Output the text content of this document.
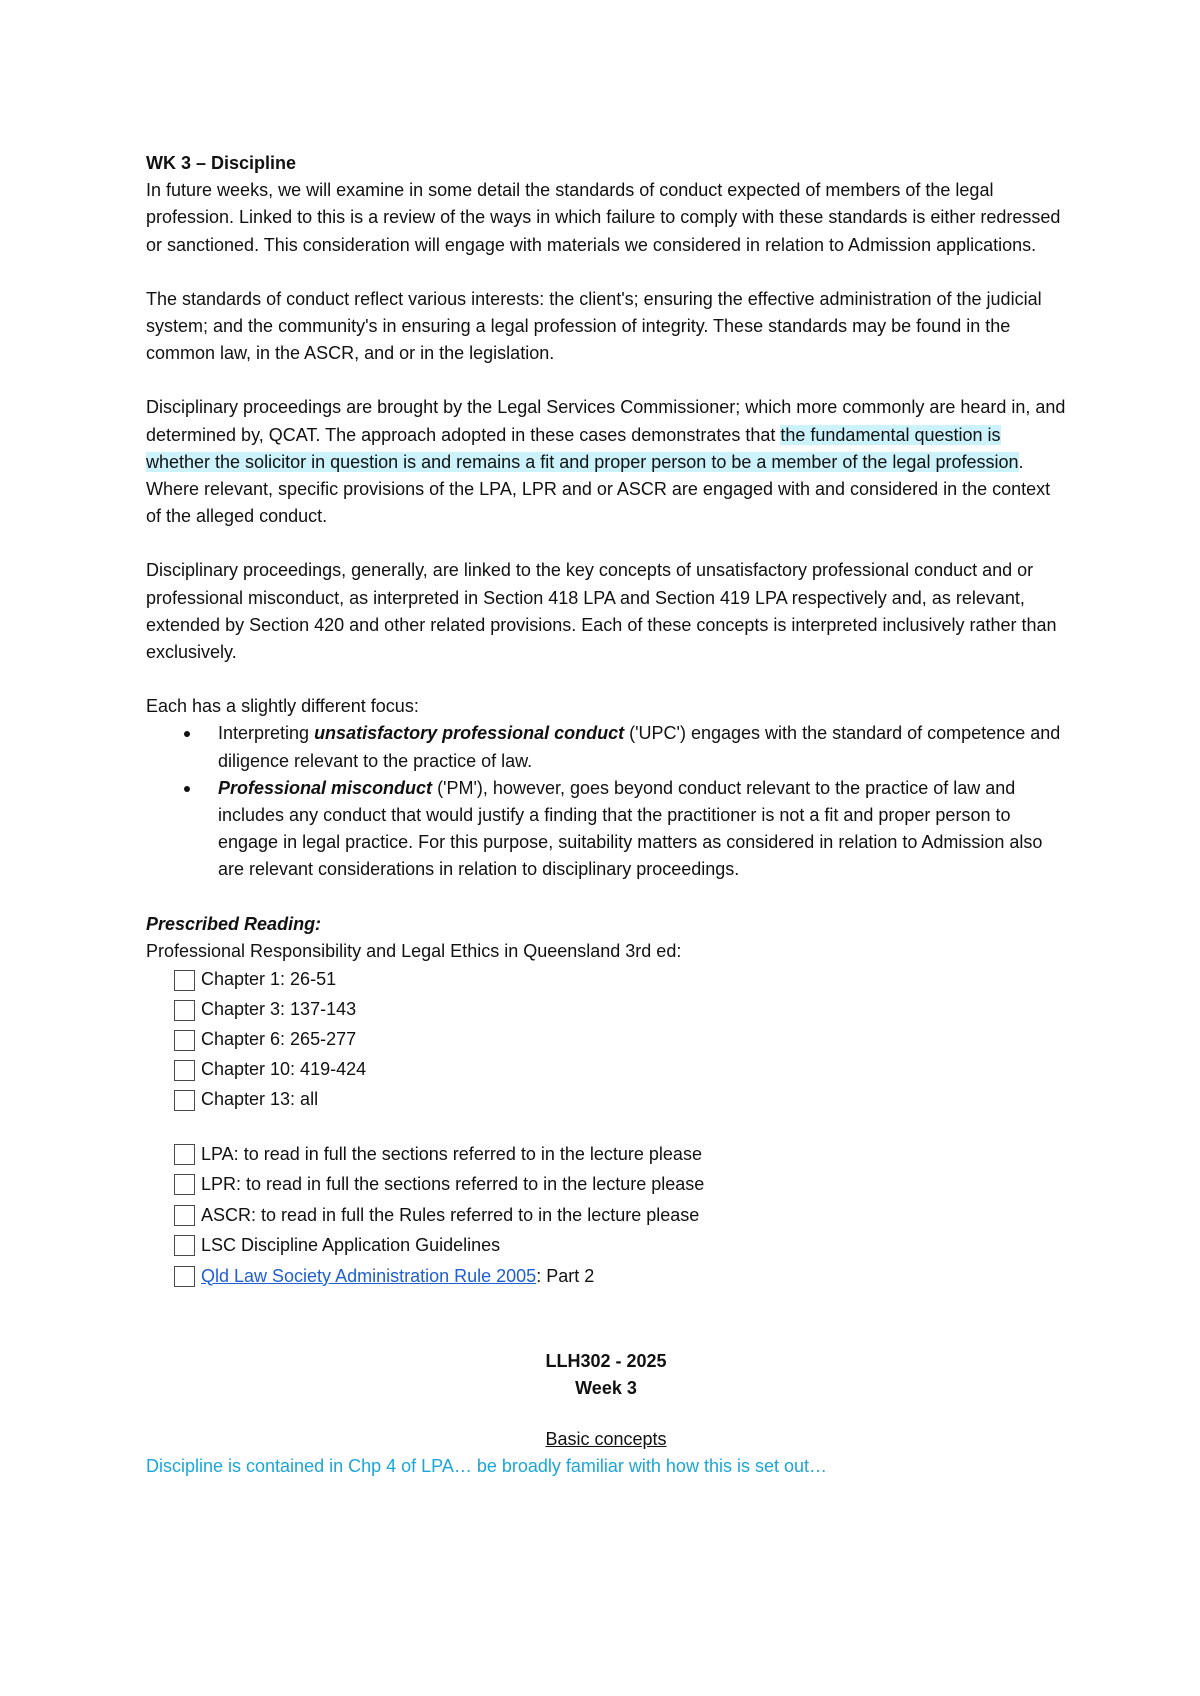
WK 3 – Discipline

In future weeks, we will examine in some detail the standards of conduct expected of members of the legal profession. Linked to this is a review of the ways in which failure to comply with these standards is either redressed or sanctioned. This consideration will engage with materials we considered in relation to Admission applications.

The standards of conduct reflect various interests: the client's; ensuring the effective administration of the judicial system; and the community's in ensuring a legal profession of integrity. These standards may be found in the common law, in the ASCR, and or in the legislation.

Disciplinary proceedings are brought by the Legal Services Commissioner; which more commonly are heard in, and determined by, QCAT. The approach adopted in these cases demonstrates that the fundamental question is whether the solicitor in question is and remains a fit and proper person to be a member of the legal profession. Where relevant, specific provisions of the LPA, LPR and or ASCR are engaged with and considered in the context of the alleged conduct.

Disciplinary proceedings, generally, are linked to the key concepts of unsatisfactory professional conduct and or professional misconduct, as interpreted in Section 418 LPA and Section 419 LPA respectively and, as relevant, extended by Section 420 and other related provisions. Each of these concepts is interpreted inclusively rather than exclusively.

Each has a slightly different focus:

Interpreting unsatisfactory professional conduct ('UPC') engages with the standard of competence and diligence relevant to the practice of law.
Professional misconduct ('PM'), however, goes beyond conduct relevant to the practice of law and includes any conduct that would justify a finding that the practitioner is not a fit and proper person to engage in legal practice. For this purpose, suitability matters as considered in relation to Admission also are relevant considerations in relation to disciplinary proceedings.

Prescribed Reading:

Professional Responsibility and Legal Ethics in Queensland 3rd ed:

Chapter 1: 26-51
Chapter 3: 137-143
Chapter 6: 265-277
Chapter 10: 419-424
Chapter 13: all
LPA: to read in full the sections referred to in the lecture please
LPR: to read in full the sections referred to in the lecture please
ASCR: to read in full the Rules referred to in the lecture please
LSC Discipline Application Guidelines
Qld Law Society Administration Rule 2005 : Part 2

LLH302 - 2025

Week 3

Basic concepts

Discipline is contained in Chp 4 of LPA… be broadly familiar with how this is set out…
